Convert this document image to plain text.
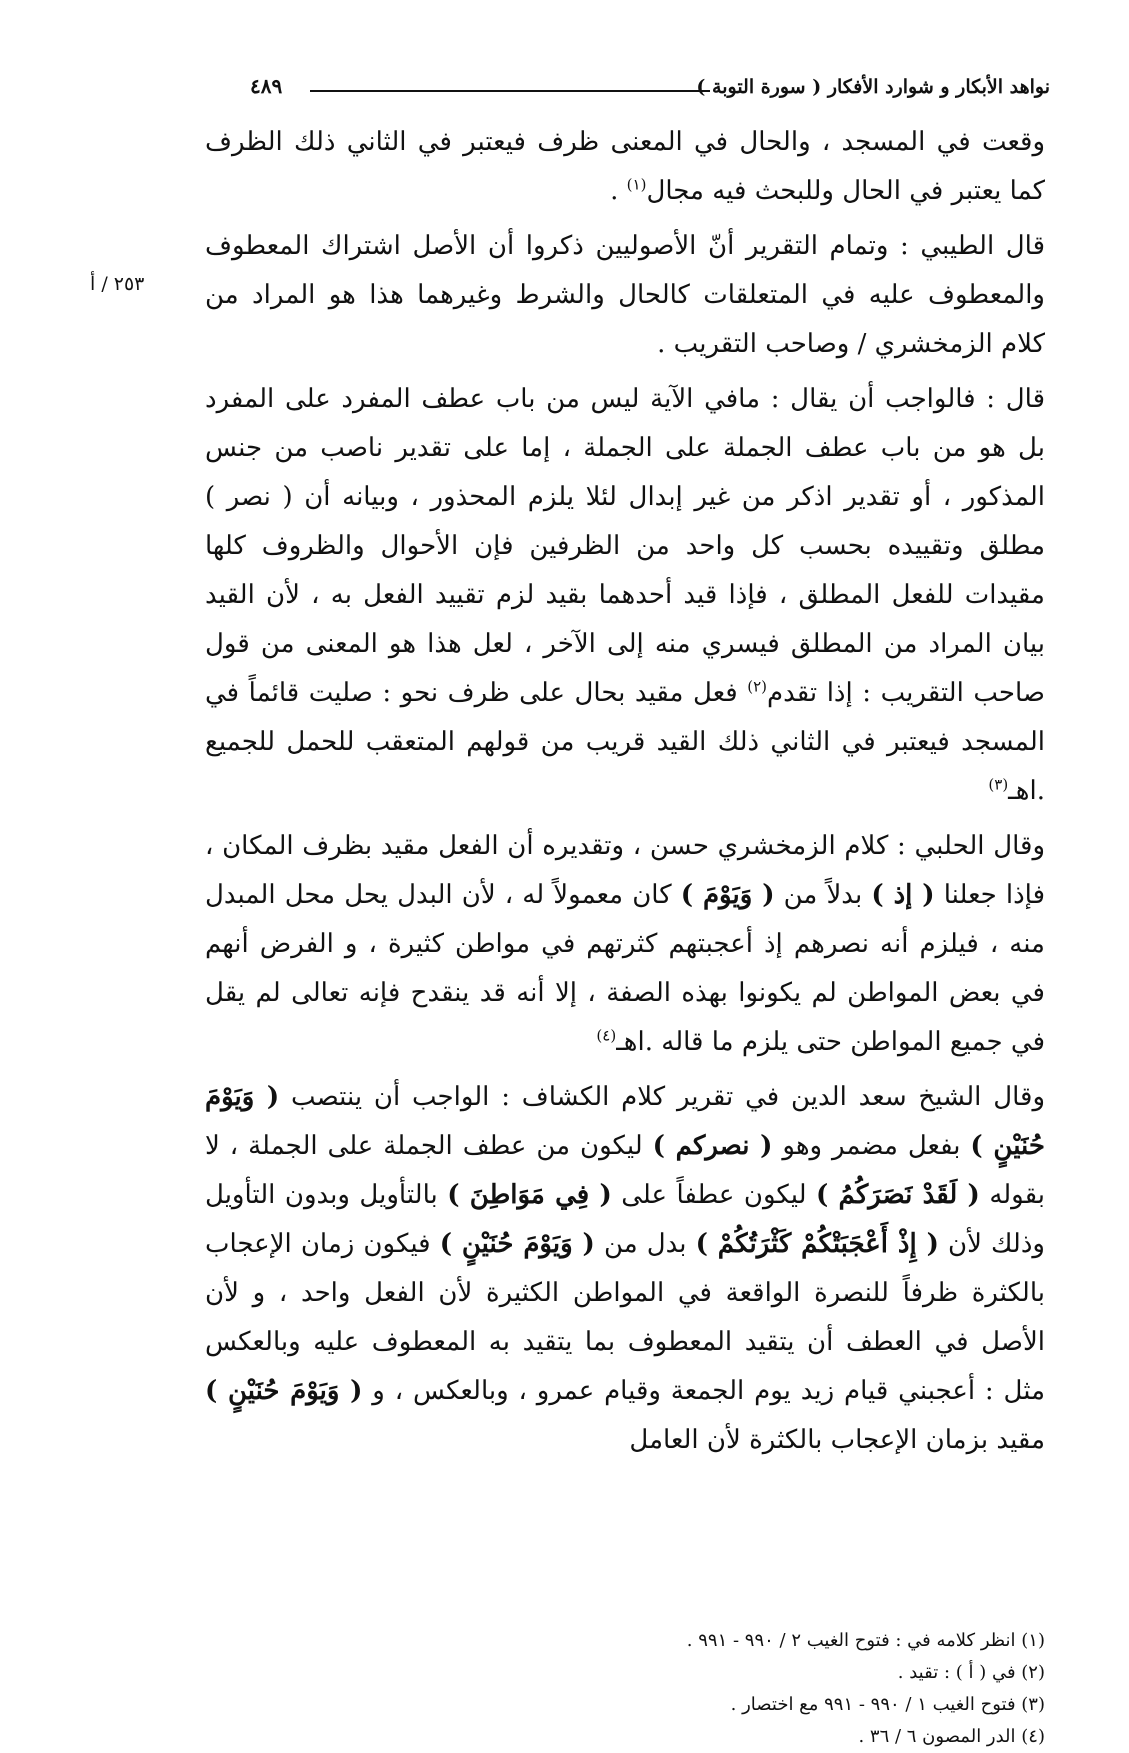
نواهد الأبكار و شوارد الأفكار ( سورة التوبة )
٤٨٩
٢٥٣ / أ

وقعت في المسجد ، والحال في المعنى ظرف فيعتبر في الثاني ذلك الظرف كما يعتبر في الحال وللبحث فيه مجال$^{(١)}$ .

قال الطيبي : وتمام التقرير أنّ الأصوليين ذكروا أن الأصل اشتراك المعطوف والمعطوف عليه في المتعلقات كالحال والشرط وغيرهما هذا هو المراد من كلام الزمخشري / وصاحب التقريب .

قال : فالواجب أن يقال : مافي الآية ليس من باب عطف المفرد على المفرد بل هو من باب عطف الجملة على الجملة ، إما على تقدير ناصب من جنس المذكور ، أو تقدير اذكر من غير إبدال لئلا يلزم المحذور ، وبيانه أن ( نصر ) مطلق وتقييده بحسب كل واحد من الظرفين فإن الأحوال والظروف كلها مقيدات للفعل المطلق ، فإذا قيد أحدهما بقيد لزم تقييد الفعل به ، لأن القيد بيان المراد من المطلق فيسري منه إلى الآخر ، لعل هذا هو المعنى من قول صاحب التقريب : إذا تقدم$^{(٢)}$ فعل مقيد بحال على ظرف نحو : صليت قائماً في المسجد فيعتبر في الثاني ذلك القيد قريب من قولهم المتعقب للحمل للجميع .اهـ$^{(٣)}$

وقال الحلبي : كلام الزمخشري حسن ، وتقديره أن الفعل مقيد بظرف المكان ، فإذا جعلنا ( إذ ) بدلاً من ( وَيَوْمَ ) كان معمولاً له ، لأن البدل يحل محل المبدل منه ، فيلزم أنه نصرهم إذ أعجبتهم كثرتهم في مواطن كثيرة ، و الفرض أنهم في بعض المواطن لم يكونوا بهذه الصفة ، إلا أنه قد ينقدح فإنه تعالى لم يقل في جميع المواطن حتى يلزم ما قاله .اهـ$^{(٤)}$

وقال الشيخ سعد الدين في تقرير كلام الكشاف : الواجب أن ينتصب ( وَيَوْمَ حُنَيْنٍ ) بفعل مضمر وهو ( نصركم ) ليكون من عطف الجملة على الجملة ، لا بقوله ( لَقَدْ نَصَرَكُمُ ) ليكون عطفاً على ( فِي مَوَاطِنَ ) بالتأويل وبدون التأويل وذلك لأن ( إِذْ أَعْجَبَتْكُمْ كَثْرَتُكُمْ ) بدل من ( وَيَوْمَ حُنَيْنٍ ) فيكون زمان الإعجاب بالكثرة ظرفاً للنصرة الواقعة في المواطن الكثيرة لأن الفعل واحد ، و لأن الأصل في العطف أن يتقيد المعطوف بما يتقيد به المعطوف عليه وبالعكس مثل : أعجبني قيام زيد يوم الجمعة وقيام عمرو ، وبالعكس ، و ( وَيَوْمَ حُنَيْنٍ ) مقيد بزمان الإعجاب بالكثرة لأن العامل

(١) انظر كلامه في : فتوح الغيب ٢ / ٩٩٠ - ٩٩١ .
(٢) في ( أ ) : تقيد .
(٣) فتوح الغيب ١ / ٩٩٠ - ٩٩١ مع اختصار .
(٤) الدر المصون ٦ / ٣٦ .
